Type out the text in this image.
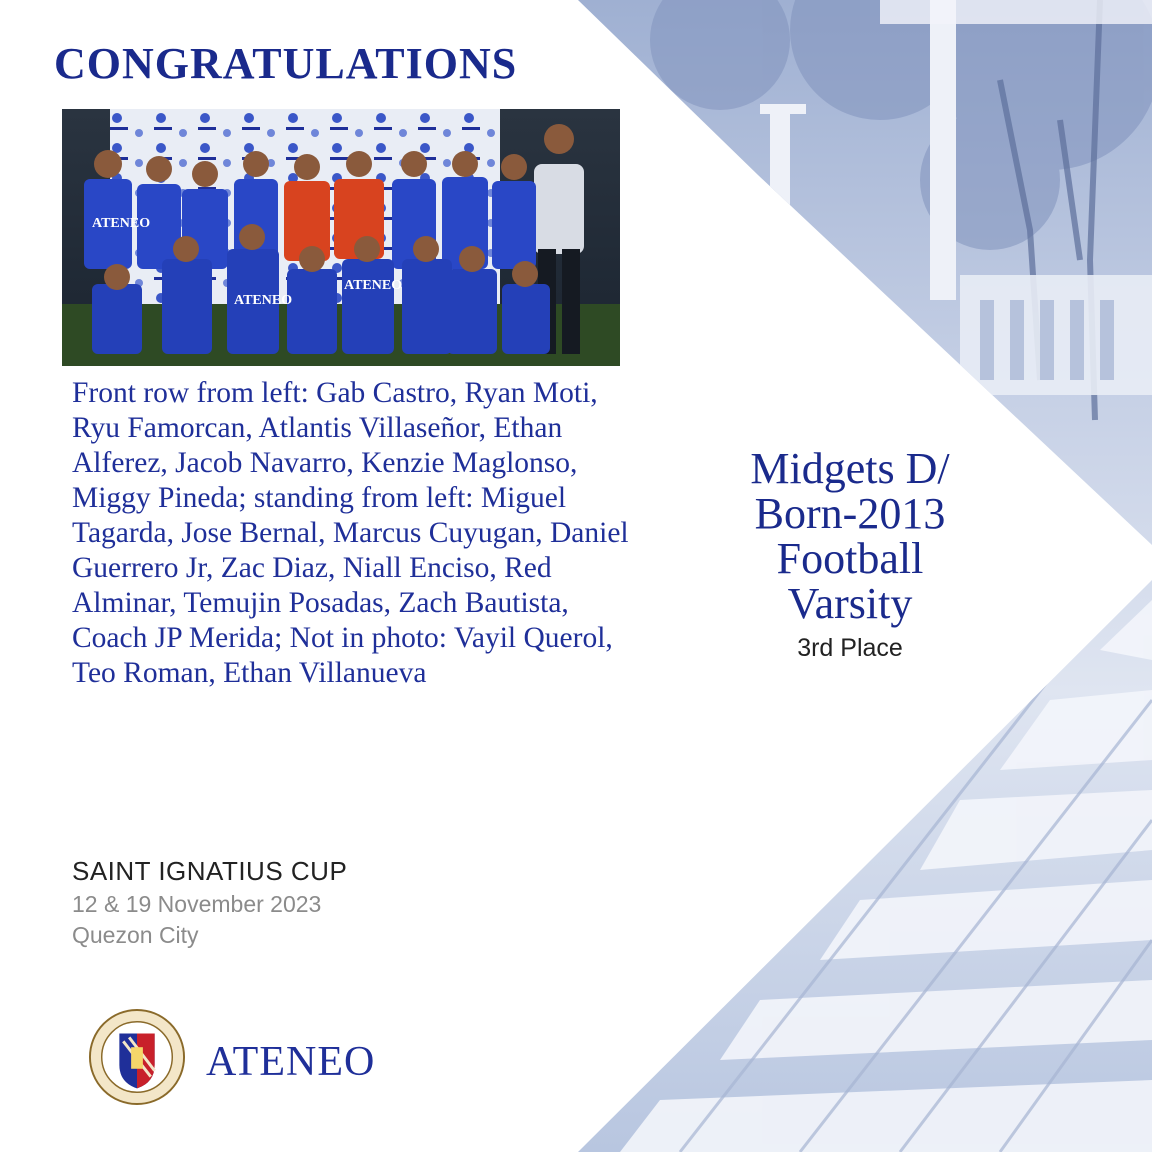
CONGRATULATIONS
ATENEO
ATENEO
ATENEO

Front row from left: Gab Castro, Ryan Moti, Ryu Famorcan, Atlantis Villaseñor, Ethan Alferez, Jacob Navarro, Kenzie Maglonso, Miggy Pineda; standing from left: Miguel Tagarda, Jose Bernal, Marcus Cuyugan, Daniel Guerrero Jr, Zac Diaz, Niall Enciso, Red Alminar, Temujin Posadas, Zach Bautista, Coach JP Merida; Not in photo: Vayil Querol, Teo Roman, Ethan Villanueva

Midgets D/
Born-2013
Football
Varsity
3rd Place
SAINT IGNATIUS CUP
12 & 19 November 2023
Quezon City
ATENEO
